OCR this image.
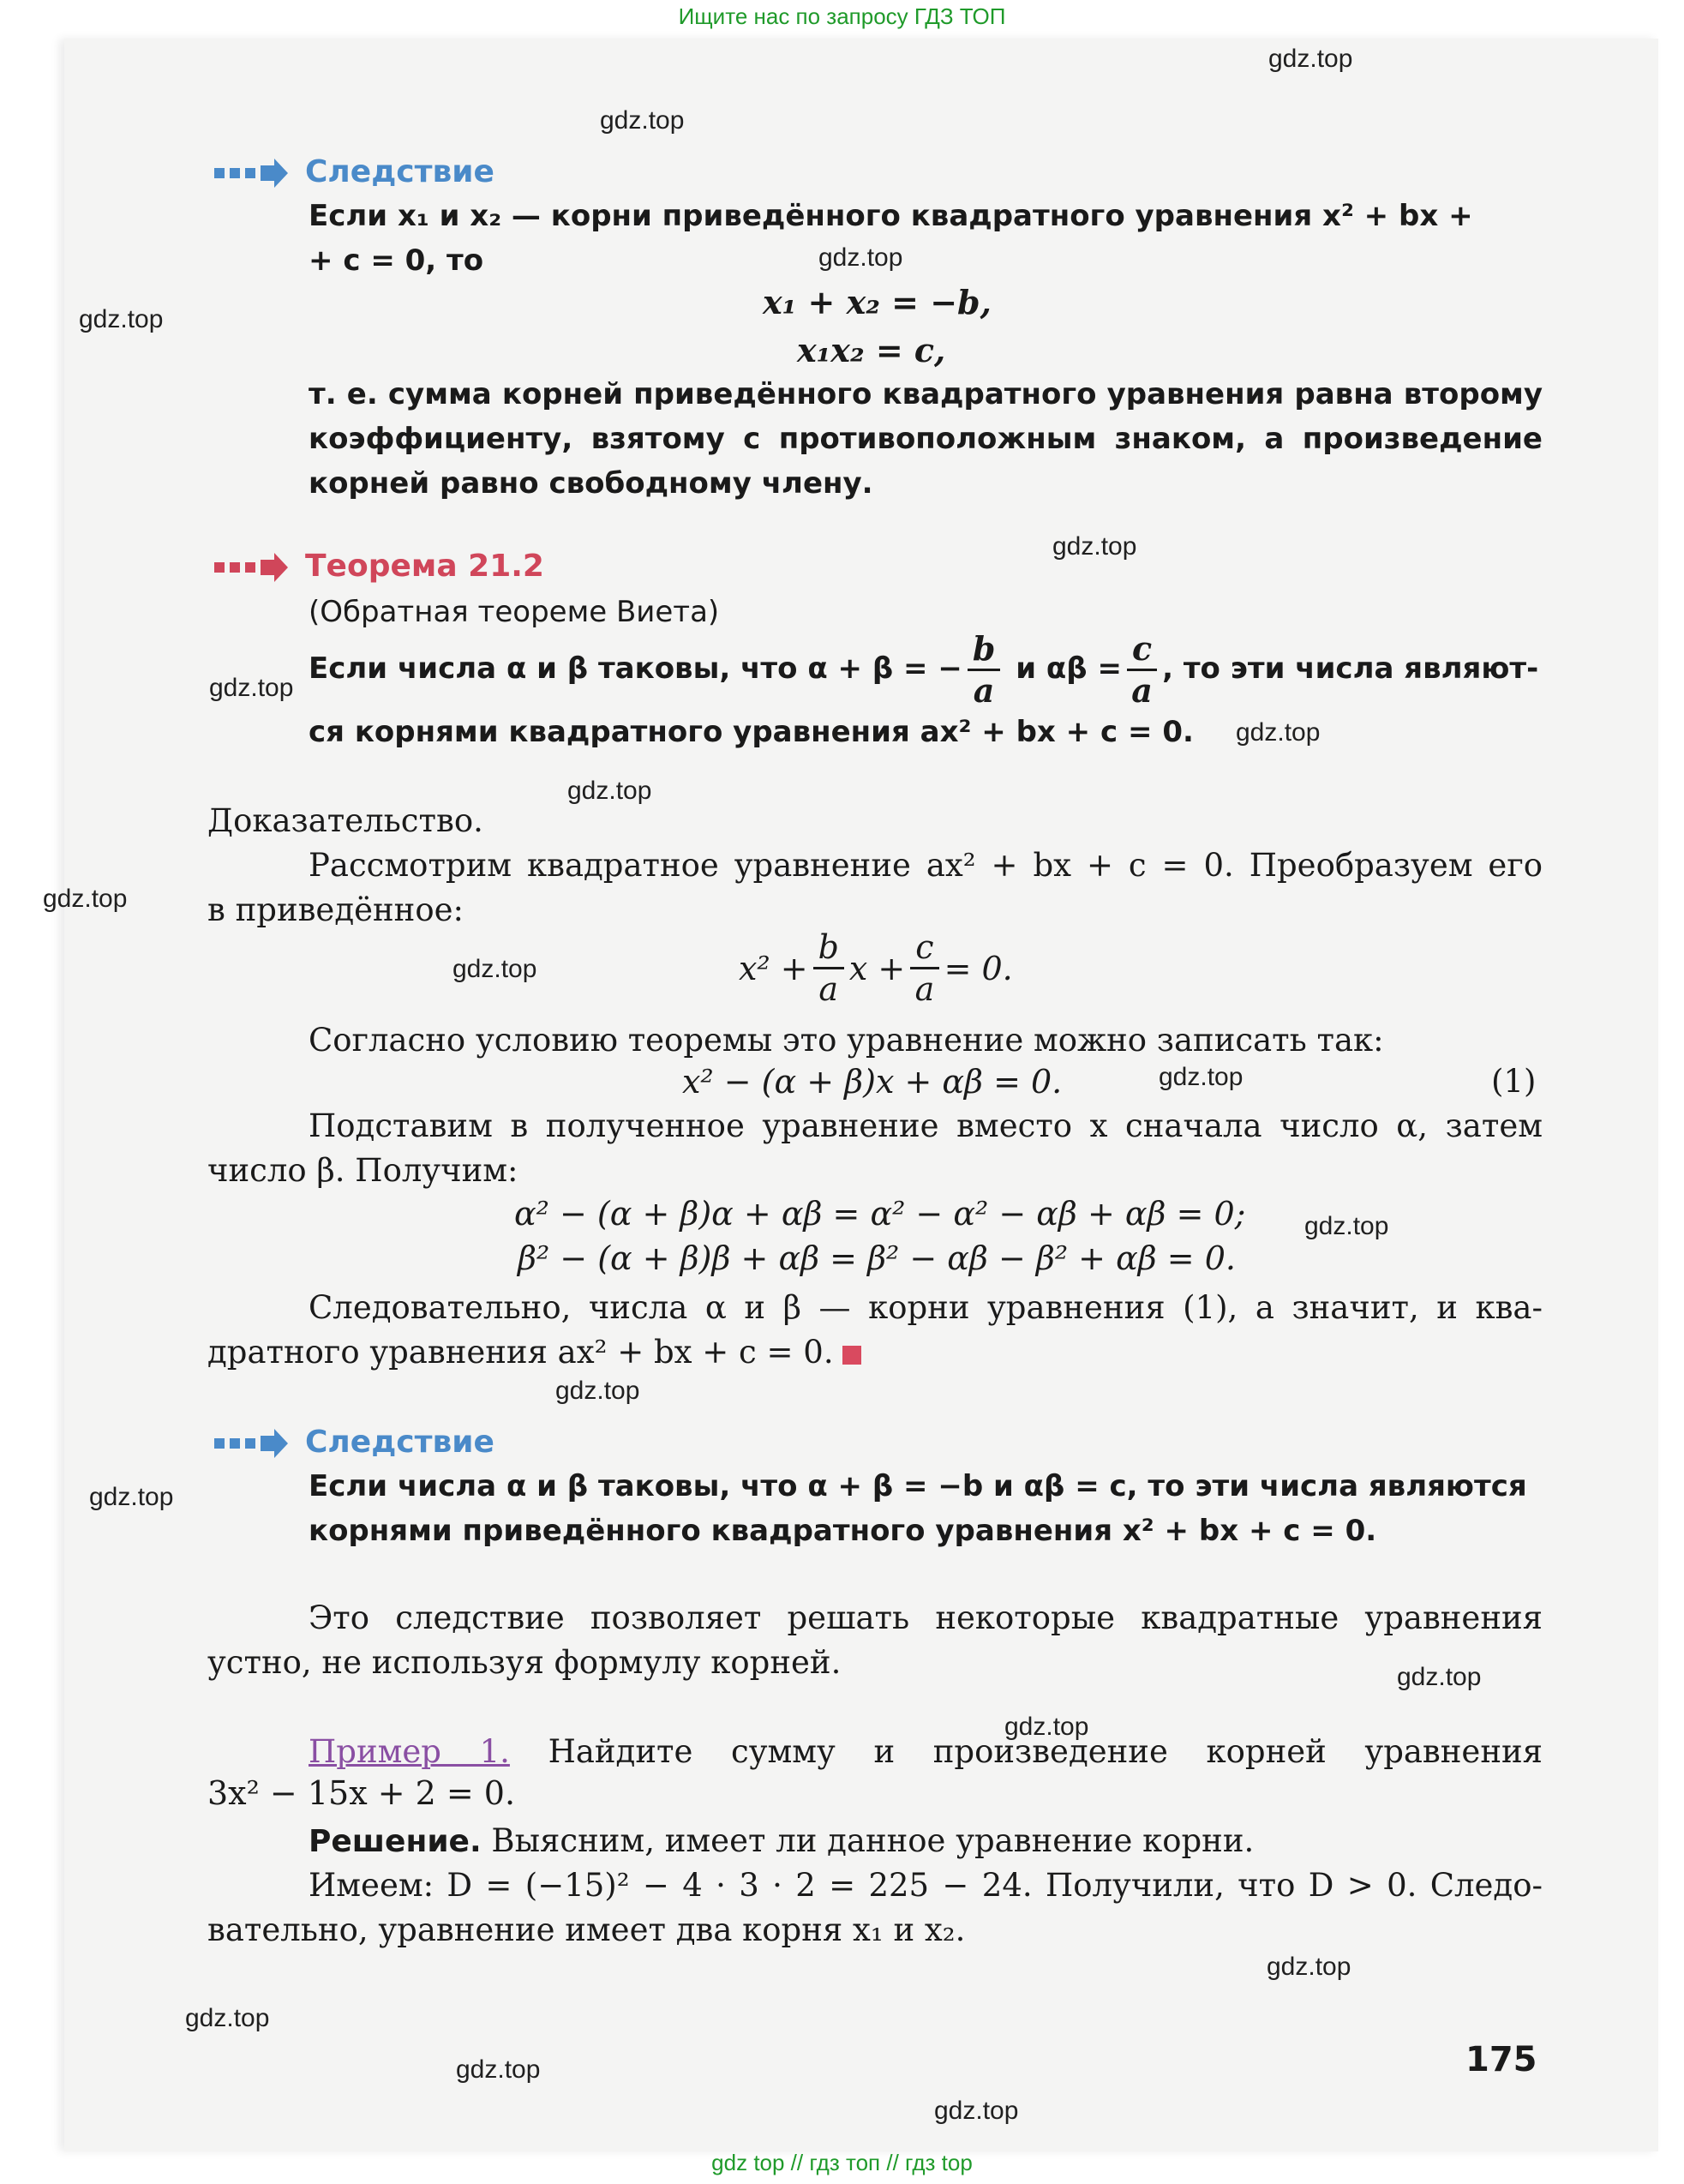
Ищите нас по запросу ГДЗ ТОП
gdz.top
gdz.top
gdz.top
gdz.top
gdz.top
gdz.top
gdz.top
gdz.top
gdz.top
gdz.top
gdz.top
gdz.top
gdz.top
gdz.top
gdz.top
gdz.top
gdz.top
gdz.top
gdz.top
gdz.top
Следствие
Если x₁ и x₂ — корни приведённого квадратного уравнения x² + bx +
+ c = 0, то
x₁ + x₂ = −b,
x₁x₂ = c,
т. е. сумма корней приведённого квадратного уравнения равна второму коэффициенту, взятому с противоположным знаком, а произведение корней равно свободному члену.
Теорема 21.2
(Обратная теореме Виета)
Если числа α и β таковы, что α + β = − $\frac{b}{a}$ и $\alpha\beta = \frac{c}{a}$ , то эти числа являют-
ся корнями квадратного уравнения ax² + bx + c = 0.
Доказательство.
Рассмотрим квадратное уравнение ax² + bx + c = 0. Преобразуем его
в приведённое:
$x^2 + \frac{b}{a}$ $x + \frac{c}{a} = 0$.
Согласно условию теоремы это уравнение можно записать так:
x² − (α + β)x + αβ = 0.	(1)
Подставим в полученное уравнение вместо x сначала число α, затем
число β. Получим:
α² − (α + β)α + αβ = α² − α² − αβ + αβ = 0;
β² − (α + β)β + αβ = β² − αβ − β² + αβ = 0.
Следовательно, числа α и β — корни уравнения (1), а значит, и ква-
дратного уравнения ax² + bx + c = 0.
Следствие
Если числа α и β таковы, что α + β = −b и αβ = c, то эти числа являются
корнями приведённого квадратного уравнения x² + bx + c = 0.
Это следствие позволяет решать некоторые квадратные уравнения
устно, не используя формулу корней.
Пример 1. Найдите сумму и произведение корней уравнения
3x² − 15x + 2 = 0.
Решение. Выясним, имеет ли данное уравнение корни.
Имеем: D = (−15)² − 4 · 3 · 2 = 225 − 24. Получили, что D > 0. Следо-
вательно, уравнение имеет два корня x₁ и x₂.
175
gdz top // гдз топ // гдз top
